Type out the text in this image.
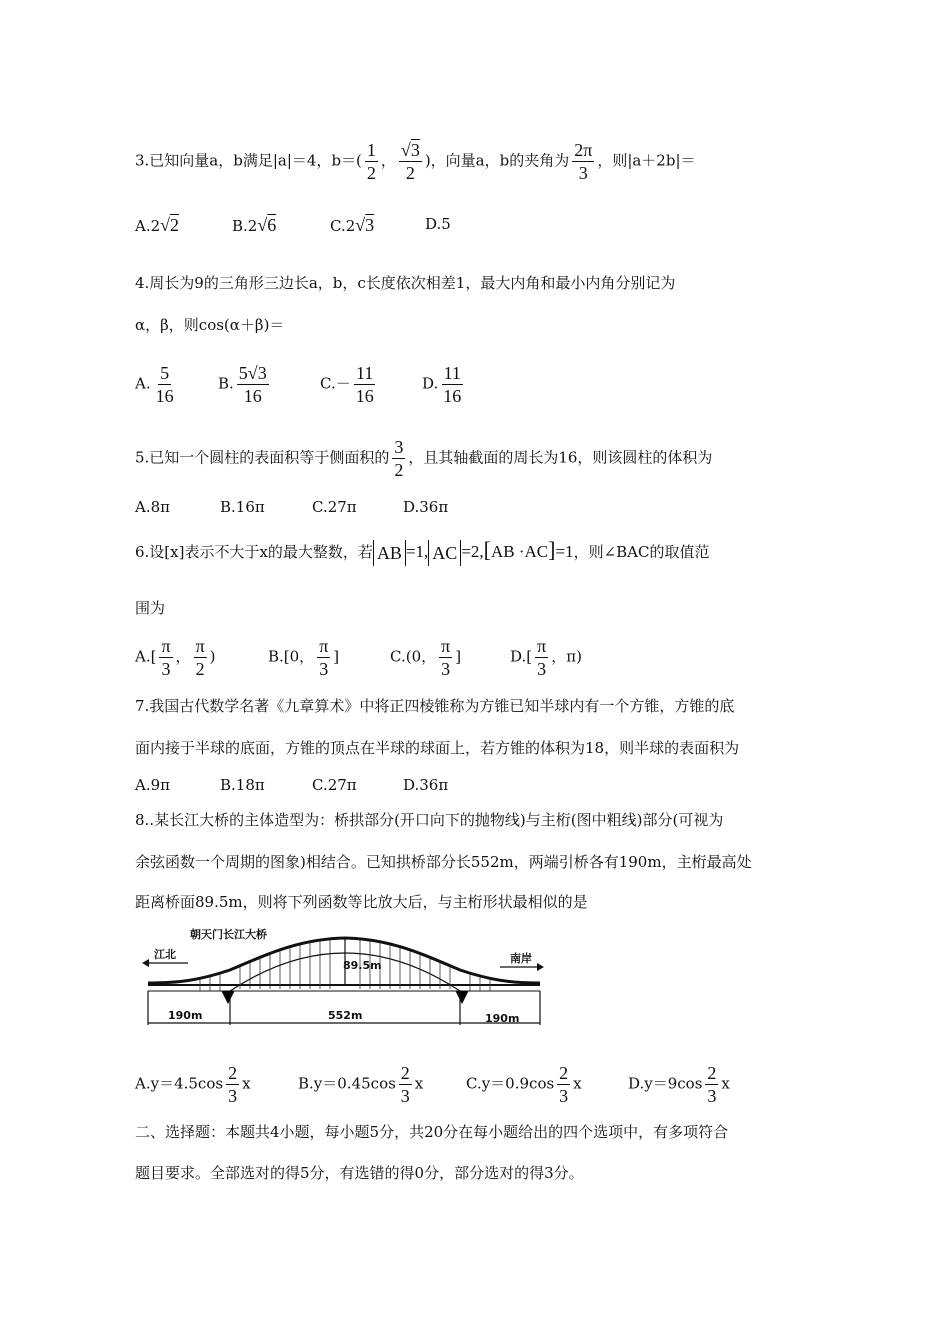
3.已知向量a，b满足|a|＝4，$b=( \frac{1}{2}$ ， $\frac{√3}{2}$ )，向量a，b的夹角为 $\frac{2\pi}{3}$ ，则|a＋2b|＝
A.2√2	B.2√6	C.2√3	D.5
4.周长为9的三角形三边长a，b，c长度依次相差1，最大内角和最小内角分别记为
α，β，则cos(α＋β)＝
A. $\frac{5}{16}$	B. $\frac{5√3}{16}$	$C.- \frac{11}{16}$	D. $\frac{11}{16}$
5.已知一个圆柱的表面积等于侧面积的 $\frac{3}{2}$ ，且其轴截面的周长为16，则该圆柱的体积为
A.8π	B.16π	C.27π	D.36π
6.设[x]表示不大于x的最大整数，若 AB =1, AC =2,[AB ·AC]=1，则∠BAC的取值范
围为
$A.[ \frac{\pi}{3}$ ， $\frac{\pi}{2}$ )	B.[0， $\frac{\pi}{3}$ ]	C.(0， $\frac{\pi}{3}$ ]	$D.[ \frac{\pi}{3}$ ，π)
7.我国古代数学名著《九章算术》中将正四棱锥称为方锥已知半球内有一个方锥，方锥的底
面内接于半球的底面，方锥的顶点在半球的球面上，若方锥的体积为18，则半球的表面积为
A.9π	B.18π	C.27π	D.36π
8..某长江大桥的主体造型为：桥拱部分(开口向下的抛物线)与主桁(图中粗线)部分(可视为
余弦函数一个周期的图象)相结合。已知拱桥部分长552m，两端引桥各有190m，主桁最高处
距离桥面89.5m，则将下列函数等比放大后，与主桁形状最相似的是
朝天门长江大桥
江北	南岸
89.5m
190m	552m	190m
$A.y=4.5\cos \frac{2}{3}$ x	$B.y=0.45\cos \frac{2}{3}$ x	$C.y=0.9\cos \frac{2}{3}$ x	$D.y=9\cos \frac{2}{3}$ x
二、选择题：本题共4小题，每小题5分，共20分在每小题给出的四个选项中，有多项符合
题目要求。全部选对的得5分，有选错的得0分，部分选对的得3分。
